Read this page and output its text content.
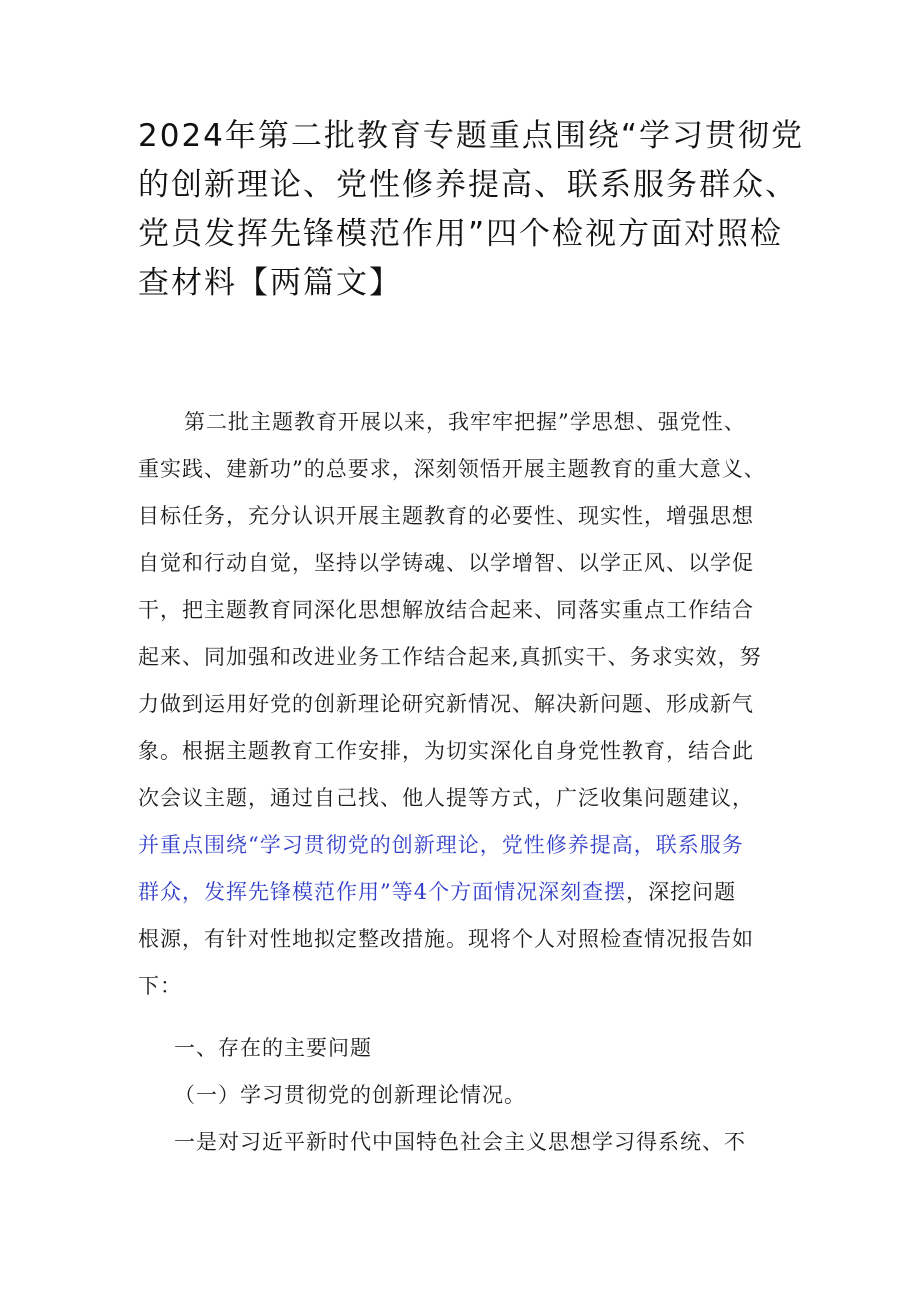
2024年第二批教育专题重点围绕“学习贯彻党
的创新理论、党性修养提高、联系服务群众、
党员发挥先锋模范作用”四个检视方面对照检
查材料【两篇文】
第二批主题教育开展以来，我牢牢把握”学思想、强党性、
重实践、建新功”的总要求，深刻领悟开展主题教育的重大意义、
目标任务，充分认识开展主题教育的必要性、现实性，增强思想
自觉和行动自觉，坚持以学铸魂、以学增智、以学正风、以学促
干，把主题教育同深化思想解放结合起来、同落实重点工作结合
起来、同加强和改进业务工作结合起来,真抓实干、务求实效，努
力做到运用好党的创新理论研究新情况、解决新问题、形成新气
象。根据主题教育工作安排，为切实深化自身党性教育，结合此
次会议主题，通过自己找、他人提等方式，广泛收集问题建议，
并重点围绕“学习贯彻党的创新理论，党性修养提高，联系服务
群众，发挥先锋模范作用”等4个方面情况深刻查摆，深挖问题
根源，有针对性地拟定整改措施。现将个人对照检查情况报告如
下：
一、存在的主要问题
（一）学习贯彻党的创新理论情况。
一是对习近平新时代中国特色社会主义思想学习得系统、不
